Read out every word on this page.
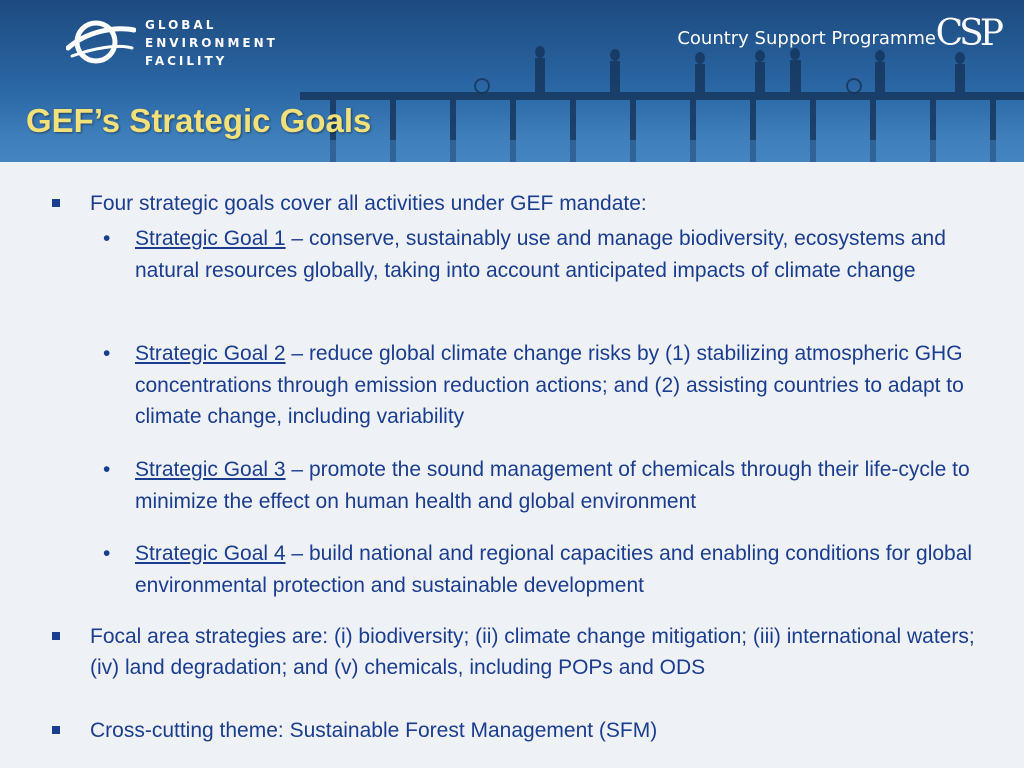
GLOBAL
ENVIRONMENT
FACILITY
Country Support Programme CSP
GEF’s Strategic Goals
Four strategic goals cover all activities under GEF mandate:
• Strategic Goal 1 – conserve, sustainably use and manage biodiversity, ecosystems and natural resources globally, taking into account anticipated impacts of climate change
• Strategic Goal 2 – reduce global climate change risks by (1) stabilizing atmospheric GHG concentrations through emission reduction actions; and (2) assisting countries to adapt to climate change, including variability
• Strategic Goal 3 – promote the sound management of chemicals through their life-cycle to minimize the effect on human health and global environment
• Strategic Goal 4 – build national and regional capacities and enabling conditions for global environmental protection and sustainable development
Focal area strategies are: (i) biodiversity; (ii) climate change mitigation; (iii) international waters; (iv) land degradation; and (v) chemicals, including POPs and ODS
Cross-cutting theme: Sustainable Forest Management (SFM)
